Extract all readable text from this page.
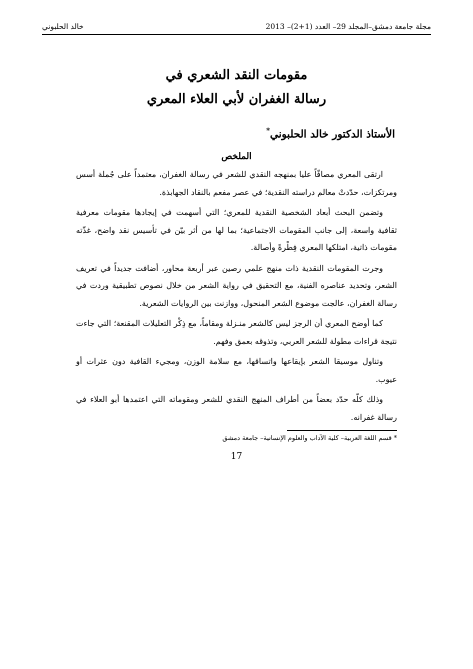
خالد الحلبوني	مجلة جامعة دمشق–المجلد 29– العدد (1+2)– 2013
مقومات النقد الشعري في
رسالة الغفران لأبي العلاء المعري
الأستاذ الدكتور خالد الحلبوني*
الملخص

ارتقى المعري مصافّاً عليا بمنهجه النقدي للشعر في رسالة الغفران، معتمداً على جُملة أسس ومرتكزات، حدّدتْ معالم دراسته النقدية؛ في عصر مفعم بالنقاد الجهابذة.

وتضمن البحث أبعاد الشخصية النقدية للمعري؛ التي أسهمت في إيجادها مقومات معرفية ثقافية واسعة، إلى جانب المقومات الاجتماعية؛ بما لها من أثر بيّن في تأسيس نقد واضح، غذّته مقومات ذاتية، امتلكها المعري فِطْرةً وأصالة.

وجرت المقومات النقدية ذات منهج علمي رصين عبر أربعة محاور، أضافت جديداً في تعريف الشعر، وتحديد عناصره الفنية، مع التحقيق في رواية الشعر من خلال نصوص تطبيقية وردت في رسالة الغفران، عالجت موضوع الشعر المنحول، ووازنت بين الروايات الشعرية.

كما أوضح المعري أن الرجز ليس كالشعر منـزلة ومقاماً، مع ذِكْر التعليلات المقنعة؛ التي جاءت نتيجة قراءات مطولة للشعر العربي، وتذوقه بعمق وفهم.

وتناول موسيقا الشعر بإيقاعها واتساقها، مع سلامة الوزن، ومجيء القافية دون عثرات أو عيوب.

وذلك كلّه حدّد بعضاً من أطراف المنهج النقدي للشعر ومقوماته التي اعتمدها أبو العلاء في رسالة غفرانه.

* قسم اللغة العربية– كلية الآداب والعلوم الإنسانية– جامعة دمشق
17
